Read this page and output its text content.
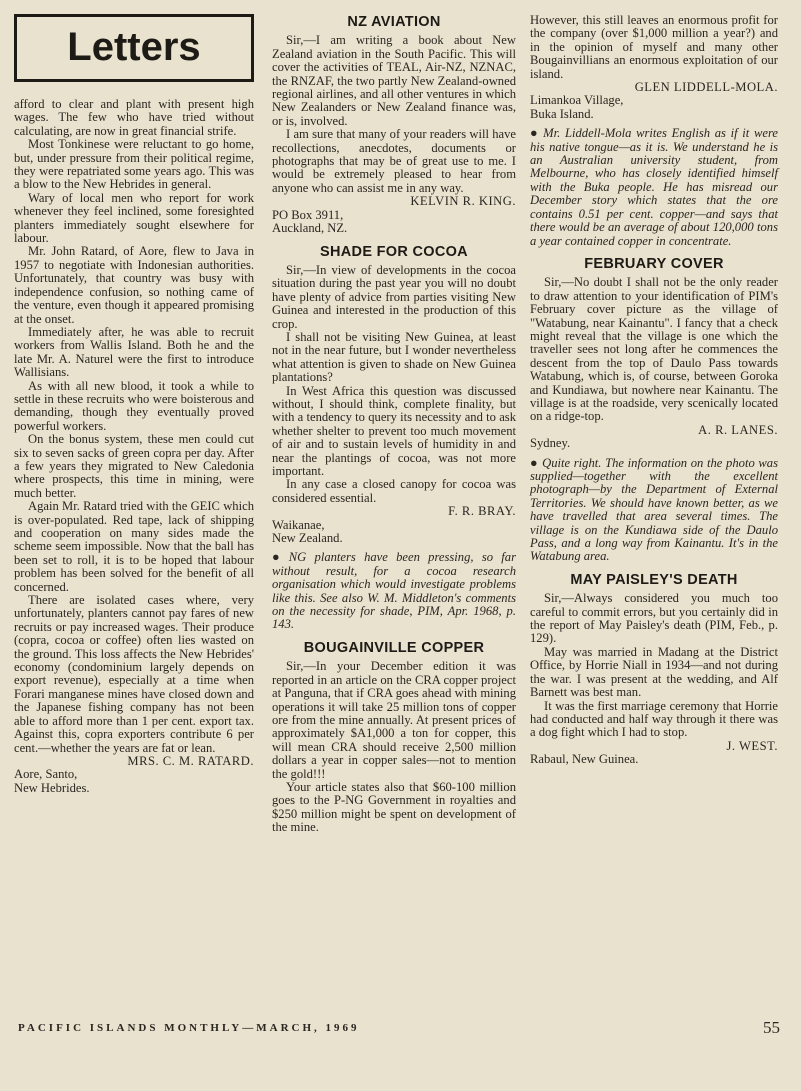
Letters

afford to clear and plant with present high wages. The few who have tried without calculating, are now in great financial strife.

Most Tonkinese were reluctant to go home, but, under pressure from their political regime, they were repatriated some years ago. This was a blow to the New Hebrides in general.

Wary of local men who report for work whenever they feel inclined, some foresighted planters immediately sought elsewhere for labour.

Mr. John Ratard, of Aore, flew to Java in 1957 to negotiate with Indonesian authorities. Unfortunately, that country was busy with independence confusion, so nothing came of the venture, even though it appeared promising at the onset.

Immediately after, he was able to recruit workers from Wallis Island. Both he and the late Mr. A. Naturel were the first to introduce Wallisians.

As with all new blood, it took a while to settle in these recruits who were boisterous and demanding, though they eventually proved powerful workers.

On the bonus system, these men could cut six to seven sacks of green copra per day. After a few years they migrated to New Caledonia where prospects, this time in mining, were much better.

Again Mr. Ratard tried with the GEIC which is over-populated. Red tape, lack of shipping and cooperation on many sides made the scheme seem impossible. Now that the ball has been set to roll, it is to be hoped that labour problem has been solved for the benefit of all concerned.

There are isolated cases where, very unfortunately, planters cannot pay fares of new recruits or pay increased wages. Their produce (copra, cocoa or coffee) often lies wasted on the ground. This loss affects the New Hebrides' economy (condominium largely depends on export revenue), especially at a time when Forari manganese mines have closed down and the Japanese fishing company has not been able to afford more than 1 per cent. export tax. Against this, copra exporters contribute 6 per cent.—whether the years are fat or lean.

MRS. C. M. RATARD.

Aore, Santo,

New Hebrides.

NZ AVIATION

Sir,—I am writing a book about New Zealand aviation in the South Pacific. This will cover the activities of TEAL, Air-NZ, NZNAC, the RNZAF, the two partly New Zealand-owned regional airlines, and all other ventures in which New Zealanders or New Zealand finance was, or is, involved.

I am sure that many of your readers will have recollections, anecdotes, documents or photographs that may be of great use to me. I would be extremely pleased to hear from anyone who can assist me in any way.

KELVIN R. KING.

PO Box 3911,

Auckland, NZ.

SHADE FOR COCOA

Sir,—In view of developments in the cocoa situation during the past year you will no doubt have plenty of advice from parties visiting New Guinea and interested in the production of this crop.

I shall not be visiting New Guinea, at least not in the near future, but I wonder nevertheless what attention is given to shade on New Guinea plantations?

In West Africa this question was discussed without, I should think, complete finality, but with a tendency to query its necessity and to ask whether shelter to prevent too much movement of air and to sustain levels of humidity in and near the plantings of cocoa, was not more important.

In any case a closed canopy for cocoa was considered essential.

F. R. BRAY.

Waikanae,

New Zealand.

● NG planters have been pressing, so far without result, for a cocoa research organisation which would investigate problems like this. See also W. M. Middleton's comments on the necessity for shade, PIM, Apr. 1968, p. 143.

BOUGAINVILLE COPPER

Sir,—In your December edition it was reported in an article on the CRA copper project at Panguna, that if CRA goes ahead with mining operations it will take 25 million tons of copper ore from the mine annually. At present prices of approximately $A1,000 a ton for copper, this will mean CRA should receive 2,500 million dollars a year in copper sales—not to mention the gold!!!

Your article states also that $60-100 million goes to the P-NG Government in royalties and $250 million might be spent on development of the mine.

However, this still leaves an enormous profit for the company (over $1,000 million a year?) and in the opinion of myself and many other Bougainvillians an enormous exploitation of our island.

GLEN LIDDELL-MOLA.

Limankoa Village,

Buka Island.

● Mr. Liddell-Mola writes English as if it were his native tongue—as it is. We understand he is an Australian university student, from Melbourne, who has closely identified himself with the Buka people. He has misread our December story which states that the ore contains 0.51 per cent. copper—and says that there would be an average of about 120,000 tons a year contained copper in concentrate.

FEBRUARY COVER

Sir,—No doubt I shall not be the only reader to draw attention to your identification of PIM's February cover picture as the village of "Watabung, near Kainantu". I fancy that a check might reveal that the village is one which the traveller sees not long after he commences the descent from the top of Daulo Pass towards Watabung, which is, of course, between Goroka and Kundiawa, but nowhere near Kainantu. The village is at the roadside, very scenically located on a ridge-top.

A. R. LANES.

Sydney.

● Quite right. The information on the photo was supplied—together with the excellent photograph—by the Department of External Territories. We should have known better, as we have travelled that area several times. The village is on the Kundiawa side of the Daulo Pass, and a long way from Kainantu. It's in the Watabung area.

MAY PAISLEY'S DEATH

Sir,—Always considered you much too careful to commit errors, but you certainly did in the report of May Paisley's death (PIM, Feb., p. 129).

May was married in Madang at the District Office, by Horrie Niall in 1934—and not during the war. I was present at the wedding, and Alf Barnett was best man.

It was the first marriage ceremony that Horrie had conducted and half way through it there was a dog fight which I had to stop.

J. WEST.

Rabaul, New Guinea.

PACIFIC ISLANDS MONTHLY—MARCH, 1969	55
